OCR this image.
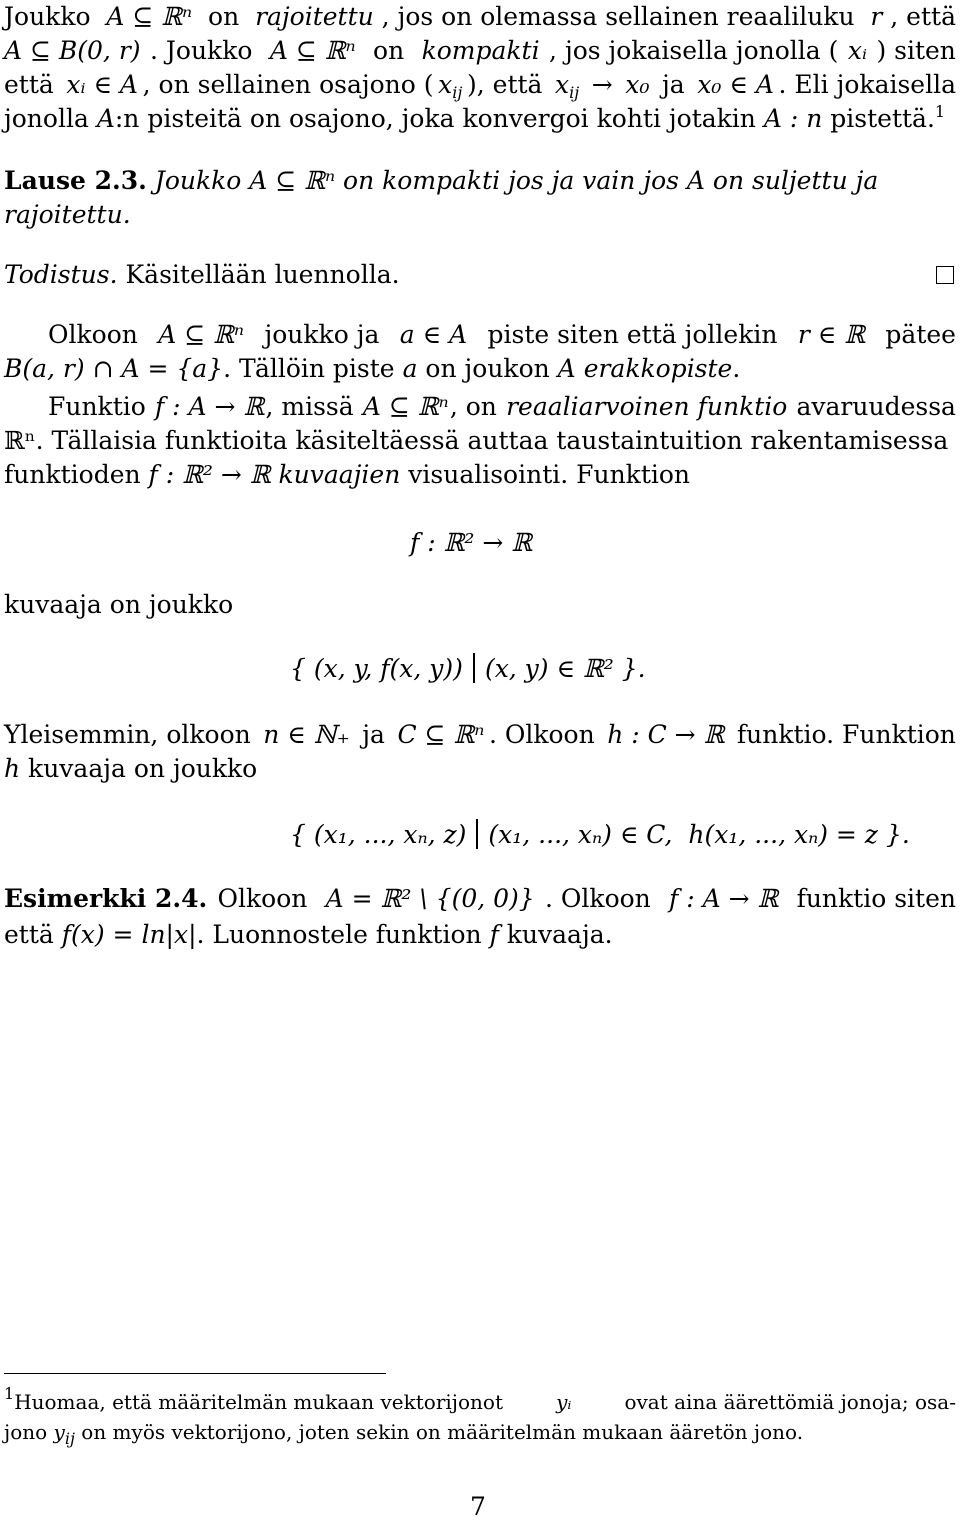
Joukko A ⊆ ℝⁿ on rajoitettu , jos on olemassa sellainen reaaliluku r , että
A ⊆ B(0, r) . Joukko A ⊆ ℝⁿ on kompakti , jos jokaisella jonolla ( xᵢ ) siten
että xᵢ ∈ A , on sellainen osajono ( $x_{ij}$ ), että $x_{ij} \to x_0$ ja x₀ ∈ A . Eli jokaisella
jonolla A:n pisteitä on osajono, joka konvergoi kohti jotakin A : n pistettä.$^1$
Lause 2.3. Joukko A ⊆ ℝⁿ on kompakti jos ja vain jos A on suljettu ja
rajoitettu.
Todistus. Käsitellään luennolla.
Olkoon A ⊆ ℝⁿ joukko ja a ∈ A piste siten että jollekin r ∈ ℝ pätee
B(a, r) ∩ A = {a}. Tällöin piste a on joukon A erakkopiste.
Funktio f : A → ℝ , missä A ⊆ ℝⁿ , on reaaliarvoinen funktio avaruudessa
ℝⁿ. Tällaisia funktioita käsiteltäessä auttaa taustaintuition rakentamisessa
funktioden f : ℝ² → ℝ kuvaajien visualisointi. Funktion
f : ℝ² → ℝ
kuvaaja on joukko
{ (x, y, f(x, y)) (x, y) ∈ ℝ² }.
Yleisemmin, olkoon n ∈ ℕ₊ ja C ⊆ ℝⁿ . Olkoon h : C → ℝ funktio. Funktion
h kuvaaja on joukko
{ (x₁, ..., xₙ, z) (x₁, ..., xₙ) ∈ C,  h(x₁, ..., xₙ) = z }.
Esimerkki 2.4. Olkoon A = ℝ² \ {(0, 0)} . Olkoon f : A → ℝ funktio siten
että f(x) = ln|x|. Luonnostele funktion f kuvaaja.
$^1$Huomaa, että määritelmän mukaan vektorijonot yᵢ ovat aina äärettömiä jonoja; osa-
jono $y_{ij}$ on myös vektorijono, joten sekin on määritelmän mukaan ääretön jono.
7
